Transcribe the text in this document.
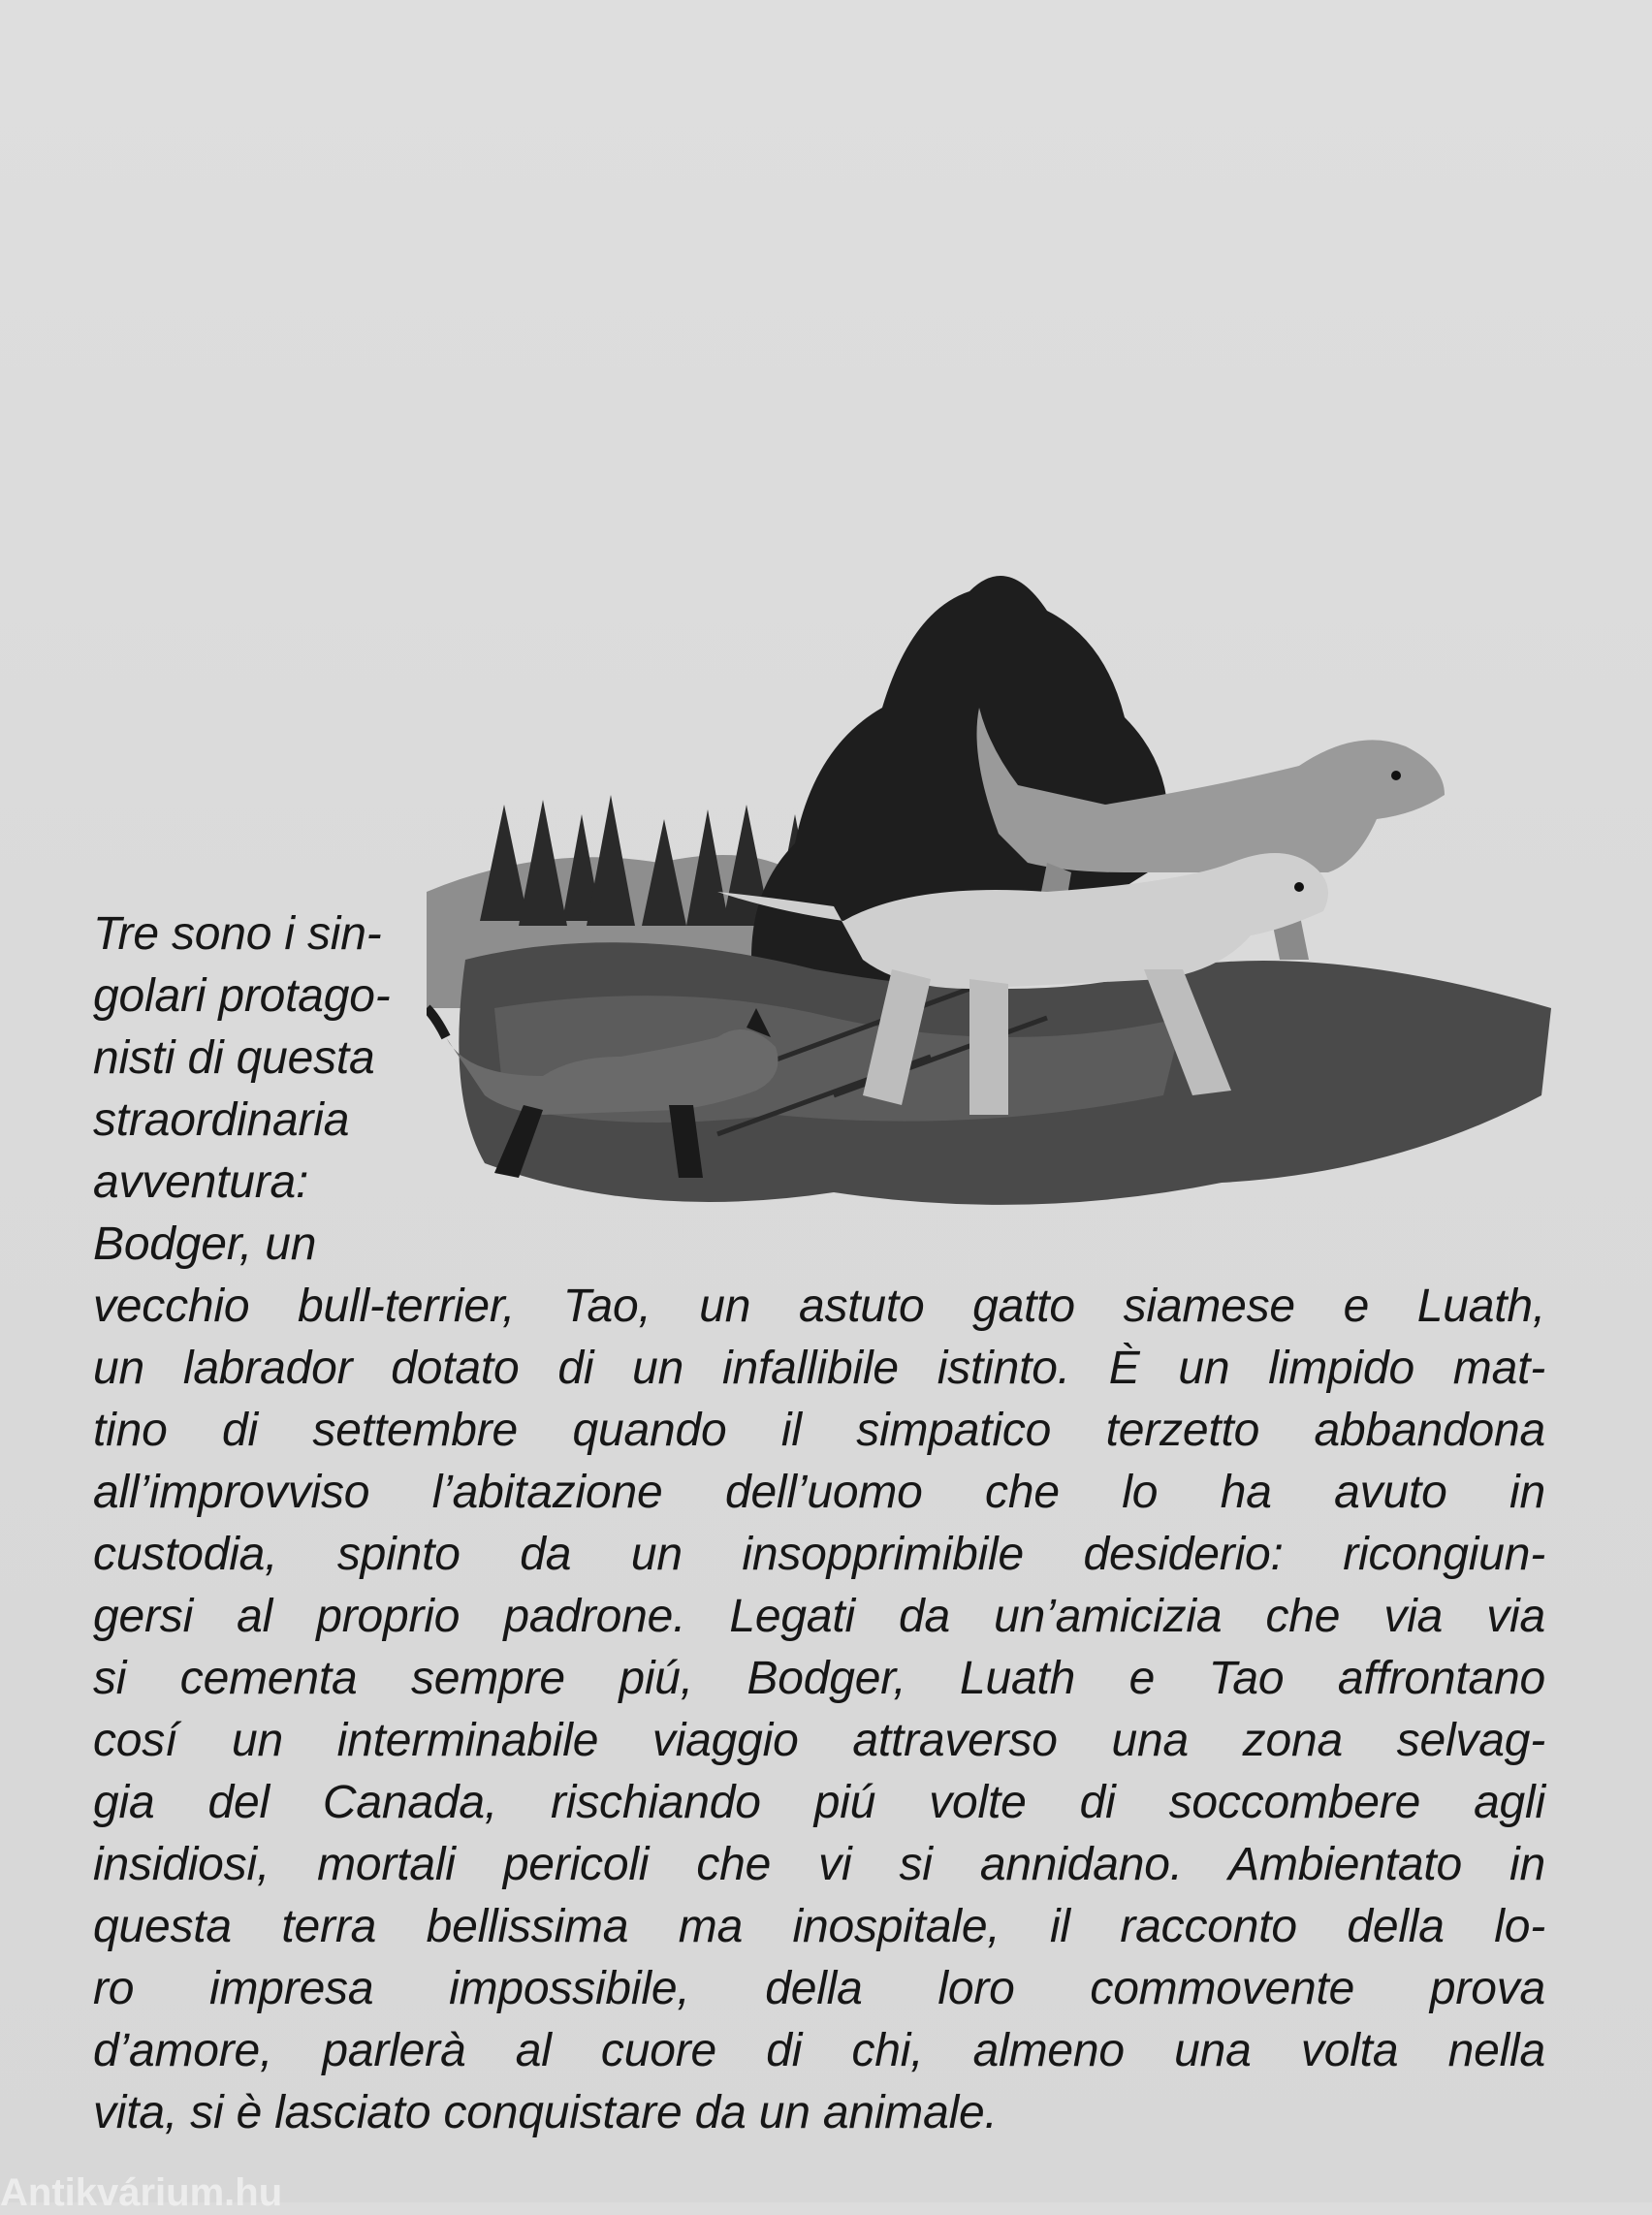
Tre sono i sin-

golari protago-

nisti di questa

straordinaria

avventura:

Bodger, un

vecchio bull-terrier, Tao, un astuto gatto siamese e Luath,

un labrador dotato di un infallibile istinto. È un limpido mat-

tino di settembre quando il simpatico terzetto abbandona

all’improvviso l’abitazione dell’uomo che lo ha avuto in

custodia, spinto da un insopprimibile desiderio: ricongiun-

gersi al proprio padrone. Legati da un’amicizia che via via

si cementa sempre piú, Bodger, Luath e Tao affrontano

cosí un interminabile viaggio attraverso una zona selvag-

gia del Canada, rischiando piú volte di soccombere agli

insidiosi, mortali pericoli che vi si annidano. Ambientato in

questa terra bellissima ma inospitale, il racconto della lo-

ro impresa impossibile, della loro commovente prova

d’amore, parlerà al cuore di chi, almeno una volta nella

vita, si è lasciato conquistare da un animale.

Antikvárium.hu
